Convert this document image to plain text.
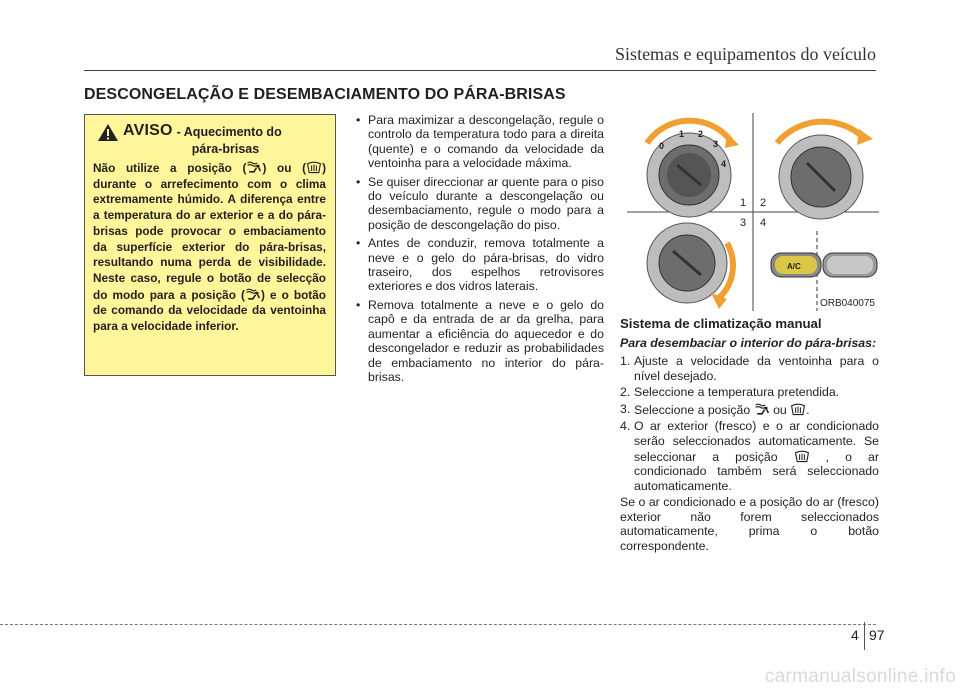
Sistemas e equipamentos do veículo
DESCONGELAÇÃO E DESEMBACIAMENTO DO PÁRA-BRISAS
AVISO - Aquecimento do
pára-brisas
Não utilize a posição ( ) ou ( ) durante o arrefecimento com o clima extremamente húmido. A diferença entre a temperatura do ar exterior e a do pára-brisas pode provocar o embaciamento da superfície exterior do pára-brisas, resultando numa perda de visibilidade. Neste caso, regule o botão de selecção do modo para a posição ( ) e o botão de comando da velocidade da ventoinha para a velocidade inferior.
• Para maximizar a descongelação, regule o controlo da temperatura todo para a direita (quente) e o comando da velocidade da ventoinha para a velocidade máxima.
• Se quiser direccionar ar quente para o piso do veículo durante a descongelação ou desembaciamento, regule o modo para a posição de descongelação do piso.
• Antes de conduzir, remova totalmente a neve e o gelo do pára-brisas, do vidro traseiro, dos espelhos retrovisores exteriores e dos vidros laterais.
• Remova totalmente a neve e o gelo do capô e da entrada de ar da grelha, para aumentar a eficiência do aquecedor e do descongelador e reduzir as probabilidades de embaciamento no interior do pára-brisas.
0
1 2
3
4
1 2
3 4
A/C
ORB040075
Sistema de climatização manual
Para desembaciar o interior do pára-brisas:
1. Ajuste a velocidade da ventoinha para o nível desejado.
2. Seleccione a temperatura pretendida.
3. Seleccione a posição ou .
4. O ar exterior (fresco) e o ar condicionado serão seleccionados automaticamente. Se seleccionar a posição	, o ar condicionado também será seleccionado automaticamente.
Se o ar condicionado e a posição do ar (fresco) exterior não forem seleccionados automaticamente, prima o botão correspondente.
4 97
carmanualsonline.info
